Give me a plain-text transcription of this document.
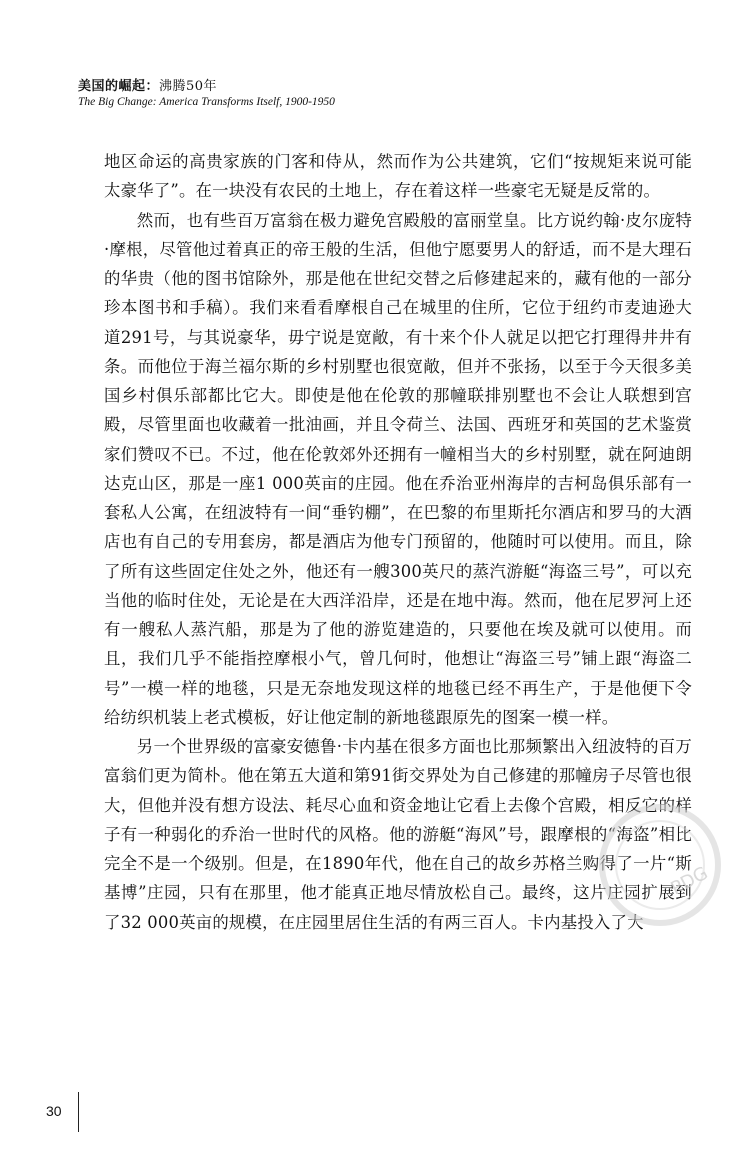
美国的崛起：沸腾50年
The Big Change: America Transforms Itself, 1900-1950

地区命运的高贵家族的门客和侍从，然而作为公共建筑，它们“按规矩来说可能太豪华了”。在一块没有农民的土地上，存在着这样一些豪宅无疑是反常的。

然而，也有些百万富翁在极力避免宫殿般的富丽堂皇。比方说约翰·皮尔庞特·摩根，尽管他过着真正的帝王般的生活，但他宁愿要男人的舒适，而不是大理石的华贵（他的图书馆除外，那是他在世纪交替之后修建起来的，藏有他的一部分珍本图书和手稿）。我们来看看摩根自己在城里的住所，它位于纽约市麦迪逊大道291号，与其说豪华，毋宁说是宽敞，有十来个仆人就足以把它打理得井井有条。而他位于海兰福尔斯的乡村别墅也很宽敞，但并不张扬，以至于今天很多美国乡村俱乐部都比它大。即使是他在伦敦的那幢联排别墅也不会让人联想到宫殿，尽管里面也收藏着一批油画，并且令荷兰、法国、西班牙和英国的艺术鉴赏家们赞叹不已。不过，他在伦敦郊外还拥有一幢相当大的乡村别墅，就在阿迪朗达克山区，那是一座1 000英亩的庄园。他在乔治亚州海岸的吉柯岛俱乐部有一套私人公寓，在纽波特有一间“垂钓棚”，在巴黎的布里斯托尔酒店和罗马的大酒店也有自己的专用套房，都是酒店为他专门预留的，他随时可以使用。而且，除了所有这些固定住处之外，他还有一艘300英尺的蒸汽游艇“海盗三号”，可以充当他的临时住处，无论是在大西洋沿岸，还是在地中海。然而，他在尼罗河上还有一艘私人蒸汽船，那是为了他的游览建造的，只要他在埃及就可以使用。而且，我们几乎不能指控摩根小气，曾几何时，他想让“海盗三号”铺上跟“海盗二号”一模一样的地毯，只是无奈地发现这样的地毯已经不再生产，于是他便下令给纺织机装上老式模板，好让他定制的新地毯跟原先的图案一模一样。

另一个世界级的富豪安德鲁·卡内基在很多方面也比那频繁出入纽波特的百万富翁们更为简朴。他在第五大道和第91街交界处为自己修建的那幢房子尽管也很大，但他并没有想方设法、耗尽心血和资金地让它看上去像个宫殿，相反它的样子有一种弱化的乔治一世时代的风格。他的游艇“海风”号，跟摩根的“海盗”相比完全不是一个级别。但是，在1890年代，他在自己的故乡苏格兰购得了一片“斯基博”庄园，只有在那里，他才能真正地尽情放松自己。最终，这片庄园扩展到了32 000英亩的规模，在庄园里居住生活的有两三百人。卡内基投入了大

PDG
30
